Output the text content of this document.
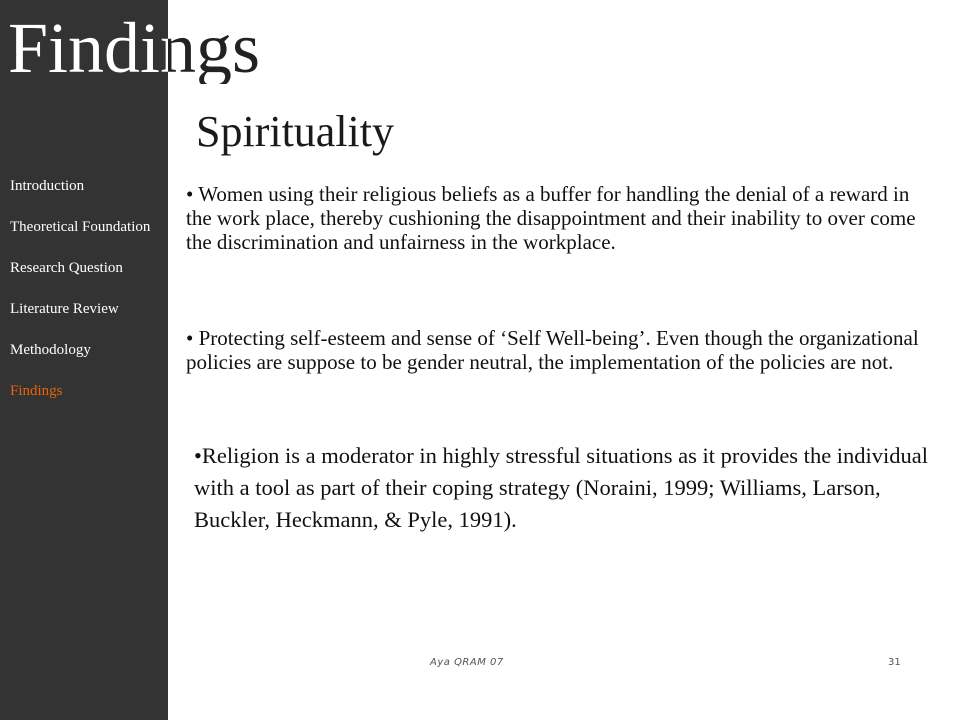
Findings
Spirituality
Introduction
Theoretical Foundation
Research Question
Literature Review
Methodology
Findings

• Women using their religious beliefs as a buffer for handling the denial of a reward in the work place, thereby cushioning the disappointment and their inability to over come the discrimination and unfairness in the workplace.

• Protecting self-esteem and sense of ‘Self Well-being’. Even though the organizational policies are suppose to be gender neutral, the implementation of the policies are not.

•Religion is a moderator in highly stressful situations as it provides the individual with a tool as part of their coping strategy (Noraini, 1999; Williams, Larson, Buckler, Heckmann, & Pyle, 1991).

Aya QRAM 07	31
